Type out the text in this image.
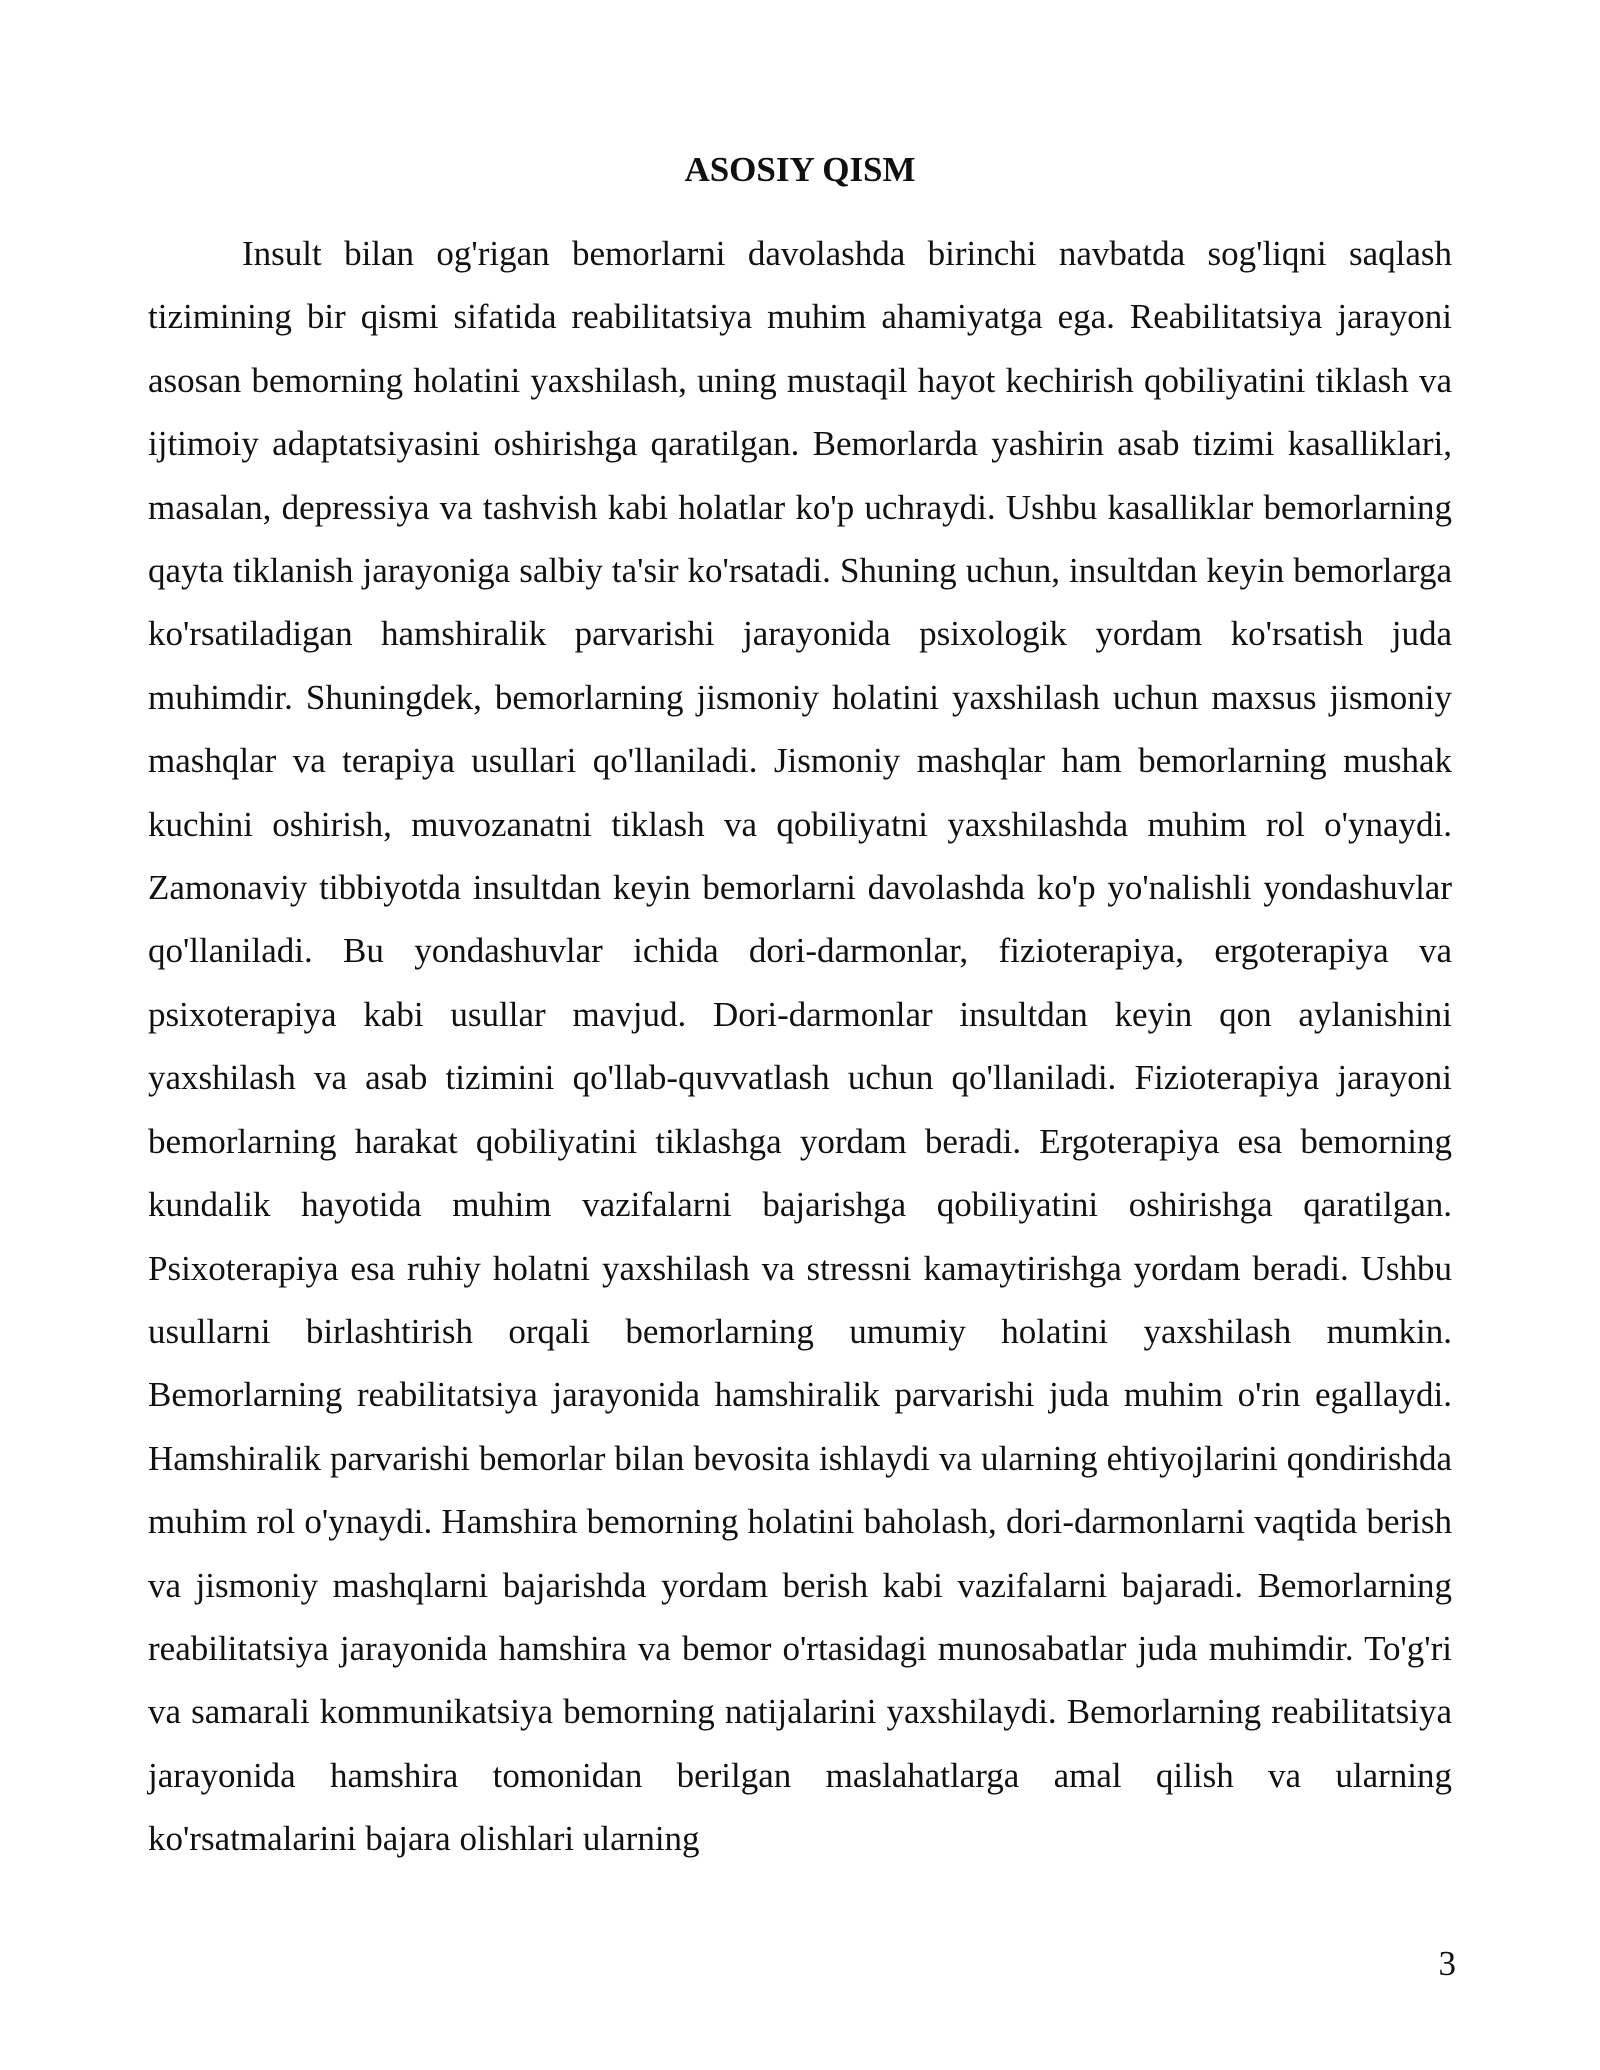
ASOSIY QISM

Insult bilan og'rigan bemorlarni davolashda birinchi navbatda sog'liqni saqlash tizimining bir qismi sifatida reabilitatsiya muhim ahamiyatga ega. Reabilitatsiya jarayoni asosan bemorning holatini yaxshilash, uning mustaqil hayot kechirish qobiliyatini tiklash va ijtimoiy adaptatsiyasini oshirishga qaratilgan. Bemorlarda yashirin asab tizimi kasalliklari, masalan, depressiya va tashvish kabi holatlar ko'p uchraydi. Ushbu kasalliklar bemorlarning qayta tiklanish jarayoniga salbiy ta'sir ko'rsatadi. Shuning uchun, insultdan keyin bemorlarga ko'rsatiladigan hamshiralik parvarishi jarayonida psixologik yordam ko'rsatish juda muhimdir. Shuningdek, bemorlarning jismoniy holatini yaxshilash uchun maxsus jismoniy mashqlar va terapiya usullari qo'llaniladi. Jismoniy mashqlar ham bemorlarning mushak kuchini oshirish, muvozanatni tiklash va qobiliyatni yaxshilashda muhim rol o'ynaydi. Zamonaviy tibbiyotda insultdan keyin bemorlarni davolashda ko'p yo'nalishli yondashuvlar qo'llaniladi. Bu yondashuvlar ichida dori-darmonlar, fizioterapiya, ergoterapiya va psixoterapiya kabi usullar mavjud. Dori-darmonlar insultdan keyin qon aylanishini yaxshilash va asab tizimini qo'llab-quvvatlash uchun qo'llaniladi. Fizioterapiya jarayoni bemorlarning harakat qobiliyatini tiklashga yordam beradi. Ergoterapiya esa bemorning kundalik hayotida muhim vazifalarni bajarishga qobiliyatini oshirishga qaratilgan. Psixoterapiya esa ruhiy holatni yaxshilash va stressni kamaytirishga yordam beradi. Ushbu usullarni birlashtirish orqali bemorlarning umumiy holatini yaxshilash mumkin. Bemorlarning reabilitatsiya jarayonida hamshiralik parvarishi juda muhim o'rin egallaydi. Hamshiralik parvarishi bemorlar bilan bevosita ishlaydi va ularning ehtiyojlarini qondirishda muhim rol o'ynaydi. Hamshira bemorning holatini baholash, dori-darmonlarni vaqtida berish va jismoniy mashqlarni bajarishda yordam berish kabi vazifalarni bajaradi. Bemorlarning reabilitatsiya jarayonida hamshira va bemor o'rtasidagi munosabatlar juda muhimdir. To'g'ri va samarali kommunikatsiya bemorning natijalarini yaxshilaydi. Bemorlarning reabilitatsiya jarayonida hamshira tomonidan berilgan maslahatlarga amal qilish va ularning ko'rsatmalarini bajara olishlari ularning

3
